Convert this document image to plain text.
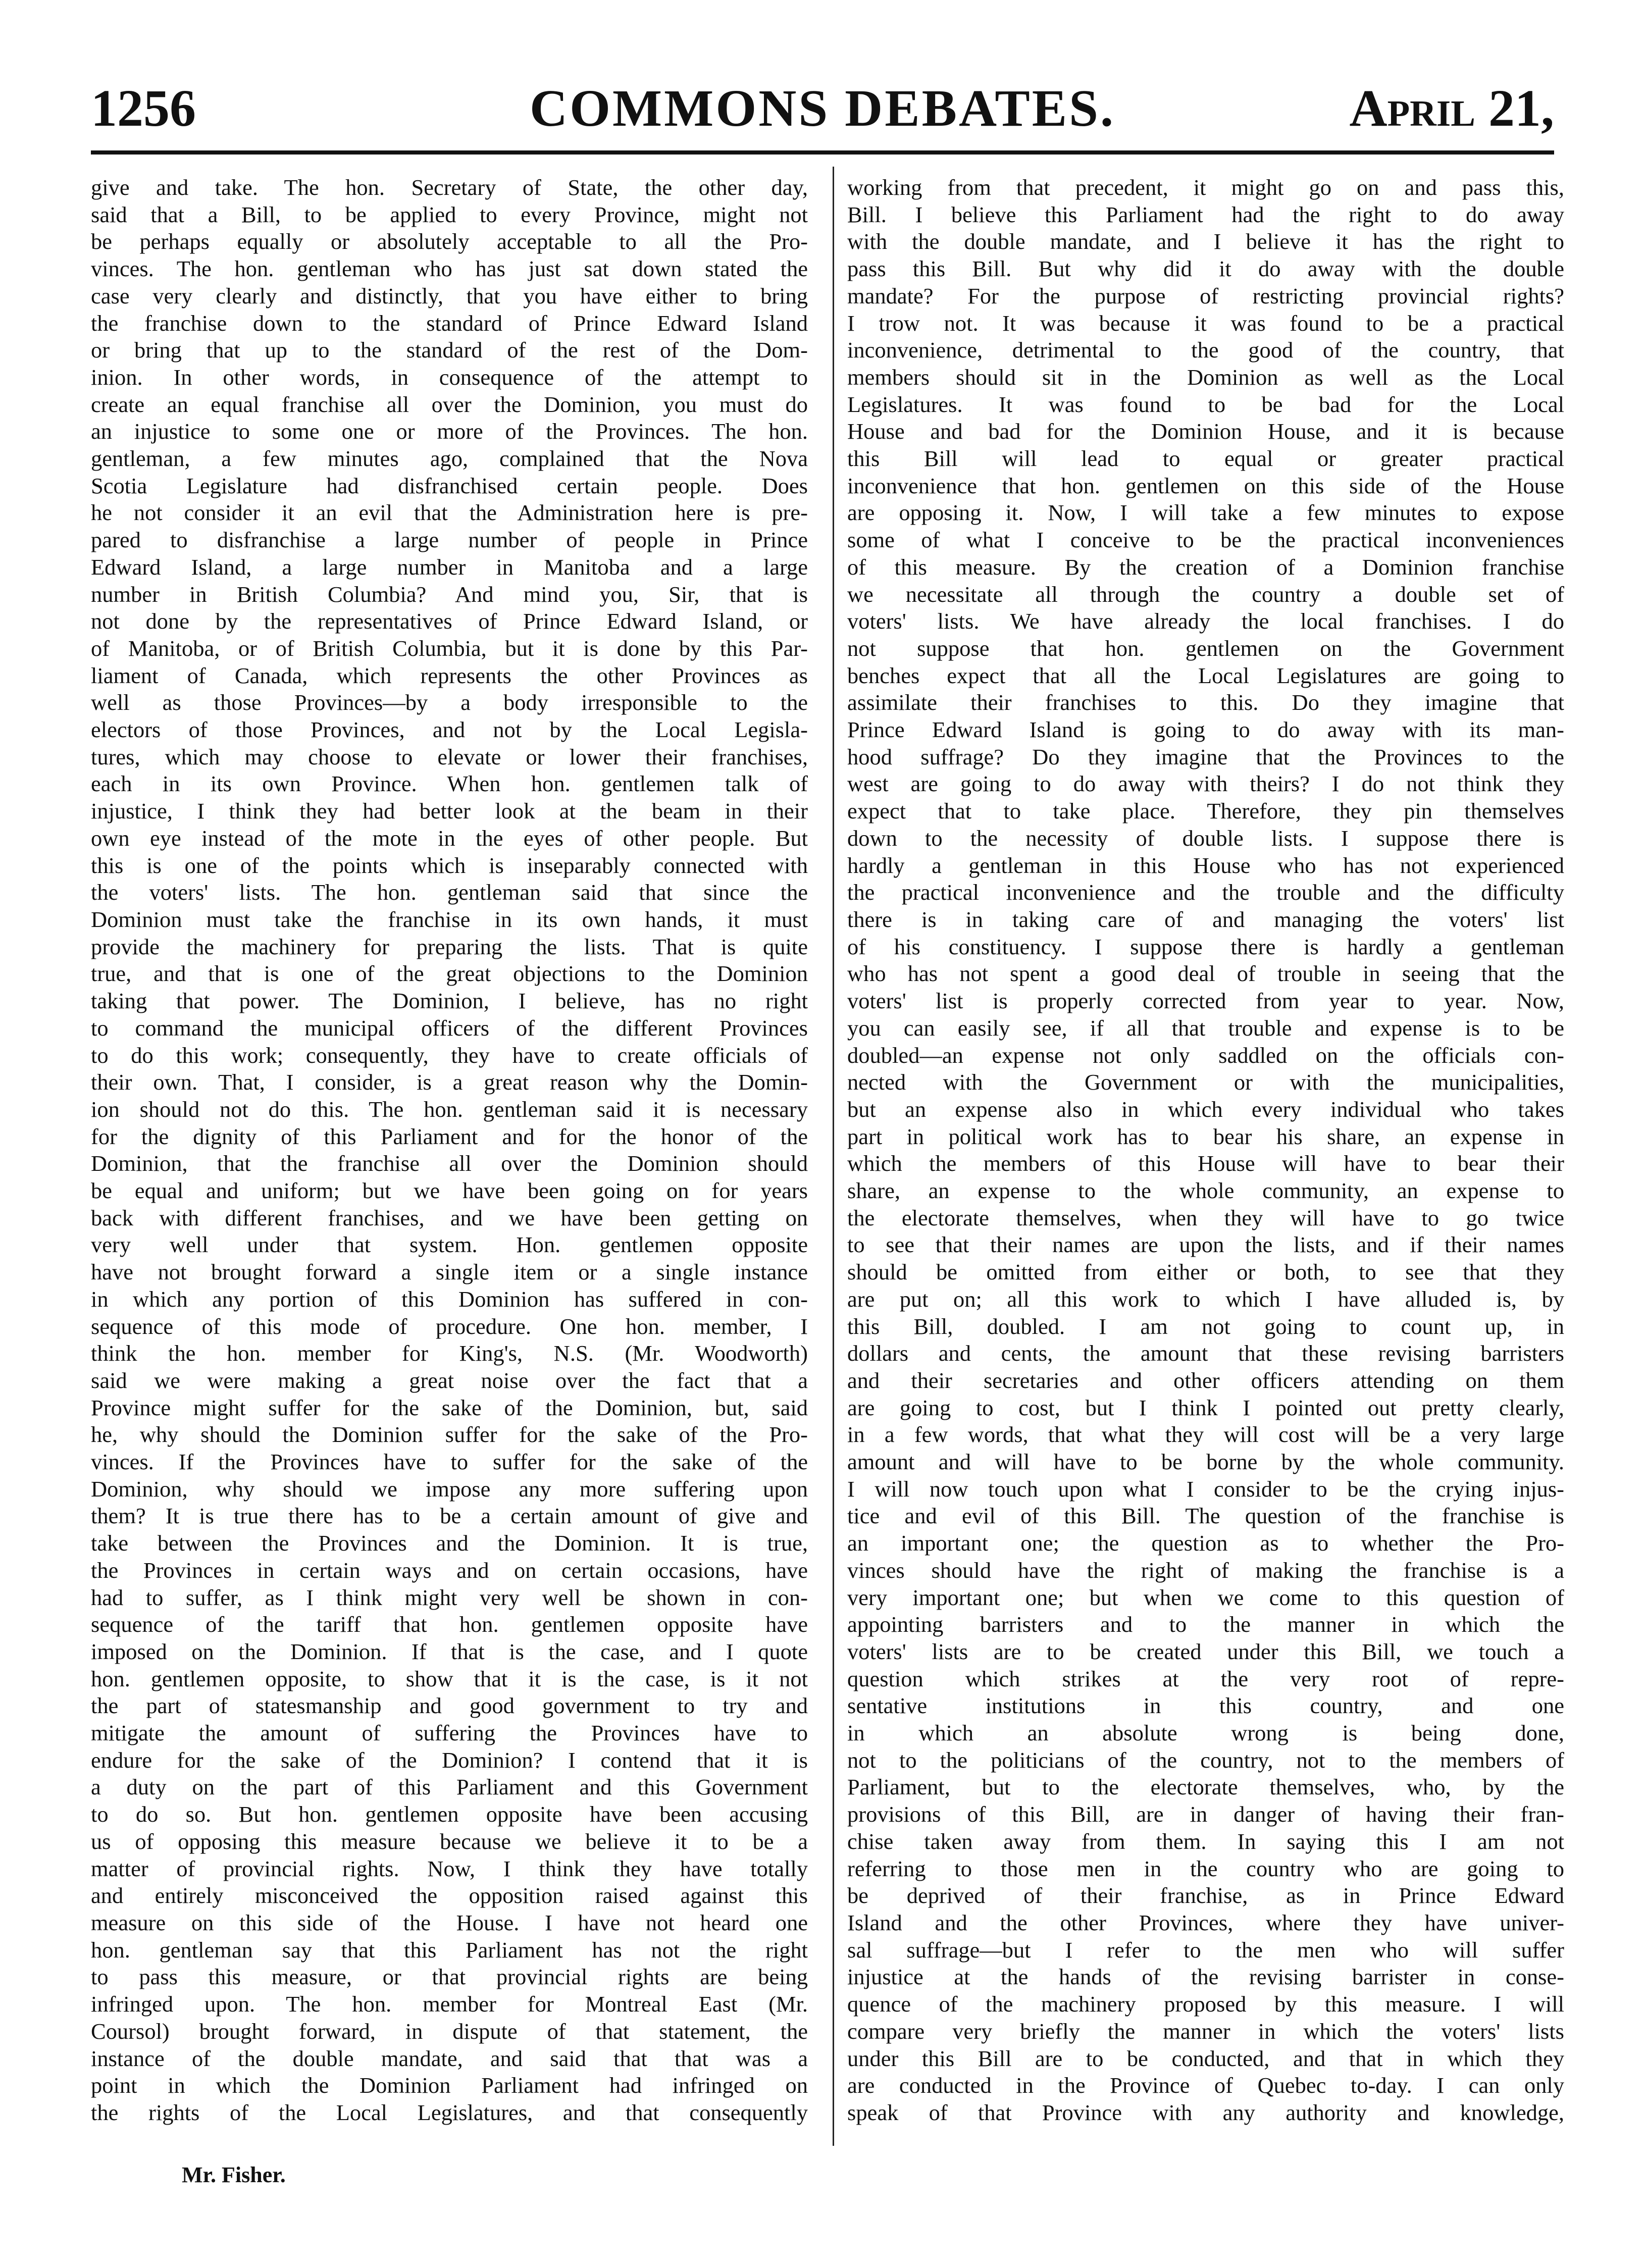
COMMONS DEBATES.
1256	April 21,
give and take. The hon. Secretary of State, the other day,
said that a Bill, to be applied to every Province, might not
be perhaps equally or absolutely acceptable to all the Pro-
vinces. The hon. gentleman who has just sat down stated the
case very clearly and distinctly, that you have either to bring
the franchise down to the standard of Prince Edward Island
or bring that up to the standard of the rest of the Dom-
inion. In other words, in consequence of the attempt to
create an equal franchise all over the Dominion, you must do
an injustice to some one or more of the Provinces. The hon.
gentleman, a few minutes ago, complained that the Nova
Scotia Legislature had disfranchised certain people. Does
he not consider it an evil that the Administration here is pre-
pared to disfranchise a large number of people in Prince
Edward Island, a large number in Manitoba and a large
number in British Columbia? And mind you, Sir, that is
not done by the representatives of Prince Edward Island, or
of Manitoba, or of British Columbia, but it is done by this Par-
liament of Canada, which represents the other Provinces as
well as those Provinces—by a body irresponsible to the
electors of those Provinces, and not by the Local Legisla-
tures, which may choose to elevate or lower their franchises,
each in its own Province. When hon. gentlemen talk of
injustice, I think they had better look at the beam in their
own eye instead of the mote in the eyes of other people. But
this is one of the points which is inseparably connected with
the voters' lists. The hon. gentleman said that since the
Dominion must take the franchise in its own hands, it must
provide the machinery for preparing the lists. That is quite
true, and that is one of the great objections to the Dominion
taking that power. The Dominion, I believe, has no right
to command the municipal officers of the different Provinces
to do this work; consequently, they have to create officials of
their own. That, I consider, is a great reason why the Domin-
ion should not do this. The hon. gentleman said it is necessary
for the dignity of this Parliament and for the honor of the
Dominion, that the franchise all over the Dominion should
be equal and uniform; but we have been going on for years
back with different franchises, and we have been getting on
very well under that system. Hon. gentlemen opposite
have not brought forward a single item or a single instance
in which any portion of this Dominion has suffered in con-
sequence of this mode of procedure. One hon. member, I
think the hon. member for King's, N.S. (Mr. Woodworth)
said we were making a great noise over the fact that a
Province might suffer for the sake of the Dominion, but, said
he, why should the Dominion suffer for the sake of the Pro-
vinces. If the Provinces have to suffer for the sake of the
Dominion, why should we impose any more suffering upon
them? It is true there has to be a certain amount of give and
take between the Provinces and the Dominion. It is true,
the Provinces in certain ways and on certain occasions, have
had to suffer, as I think might very well be shown in con-
sequence of the tariff that hon. gentlemen opposite have
imposed on the Dominion. If that is the case, and I quote
hon. gentlemen opposite, to show that it is the case, is it not
the part of statesmanship and good government to try and
mitigate the amount of suffering the Provinces have to
endure for the sake of the Dominion? I contend that it is
a duty on the part of this Parliament and this Government
to do so. But hon. gentlemen opposite have been accusing
us of opposing this measure because we believe it to be a
matter of provincial rights. Now, I think they have totally
and entirely misconceived the opposition raised against this
measure on this side of the House. I have not heard one
hon. gentleman say that this Parliament has not the right
to pass this measure, or that provincial rights are being
infringed upon. The hon. member for Montreal East (Mr.
Coursol) brought forward, in dispute of that statement, the
instance of the double mandate, and said that that was a
point in which the Dominion Parliament had infringed on
the rights of the Local Legislatures, and that consequently
working from that precedent, it might go on and pass this,
Bill. I believe this Parliament had the right to do away
with the double mandate, and I believe it has the right to
pass this Bill. But why did it do away with the double
mandate? For the purpose of restricting provincial rights?
I trow not. It was because it was found to be a practical
inconvenience, detrimental to the good of the country, that
members should sit in the Dominion as well as the Local
Legislatures. It was found to be bad for the Local
House and bad for the Dominion House, and it is because
this Bill will lead to equal or greater practical
inconvenience that hon. gentlemen on this side of the House
are opposing it. Now, I will take a few minutes to expose
some of what I conceive to be the practical inconveniences
of this measure. By the creation of a Dominion franchise
we necessitate all through the country a double set of
voters' lists. We have already the local franchises. I do
not suppose that hon. gentlemen on the Government
benches expect that all the Local Legislatures are going to
assimilate their franchises to this. Do they imagine that
Prince Edward Island is going to do away with its man-
hood suffrage? Do they imagine that the Provinces to the
west are going to do away with theirs? I do not think they
expect that to take place. Therefore, they pin themselves
down to the necessity of double lists. I suppose there is
hardly a gentleman in this House who has not experienced
the practical inconvenience and the trouble and the difficulty
there is in taking care of and managing the voters' list
of his constituency. I suppose there is hardly a gentleman
who has not spent a good deal of trouble in seeing that the
voters' list is properly corrected from year to year. Now,
you can easily see, if all that trouble and expense is to be
doubled—an expense not only saddled on the officials con-
nected with the Government or with the municipalities,
but an expense also in which every individual who takes
part in political work has to bear his share, an expense in
which the members of this House will have to bear their
share, an expense to the whole community, an expense to
the electorate themselves, when they will have to go twice
to see that their names are upon the lists, and if their names
should be omitted from either or both, to see that they
are put on; all this work to which I have alluded is, by
this Bill, doubled. I am not going to count up, in
dollars and cents, the amount that these revising barristers
and their secretaries and other officers attending on them
are going to cost, but I think I pointed out pretty clearly,
in a few words, that what they will cost will be a very large
amount and will have to be borne by the whole community.
I will now touch upon what I consider to be the crying injus-
tice and evil of this Bill. The question of the franchise is
an important one; the question as to whether the Pro-
vinces should have the right of making the franchise is a
very important one; but when we come to this question of
appointing barristers and to the manner in which the
voters' lists are to be created under this Bill, we touch a
question which strikes at the very root of repre-
sentative institutions in this country, and one
in which an absolute wrong is being done,
not to the politicians of the country, not to the members of
Parliament, but to the electorate themselves, who, by the
provisions of this Bill, are in danger of having their fran-
chise taken away from them. In saying this I am not
referring to those men in the country who are going to
be deprived of their franchise, as in Prince Edward
Island and the other Provinces, where they have univer-
sal suffrage—but I refer to the men who will suffer
injustice at the hands of the revising barrister in conse-
quence of the machinery proposed by this measure. I will
compare very briefly the manner in which the voters' lists
under this Bill are to be conducted, and that in which they
are conducted in the Province of Quebec to-day. I can only
speak of that Province with any authority and knowledge,
Mr. Fisher.
